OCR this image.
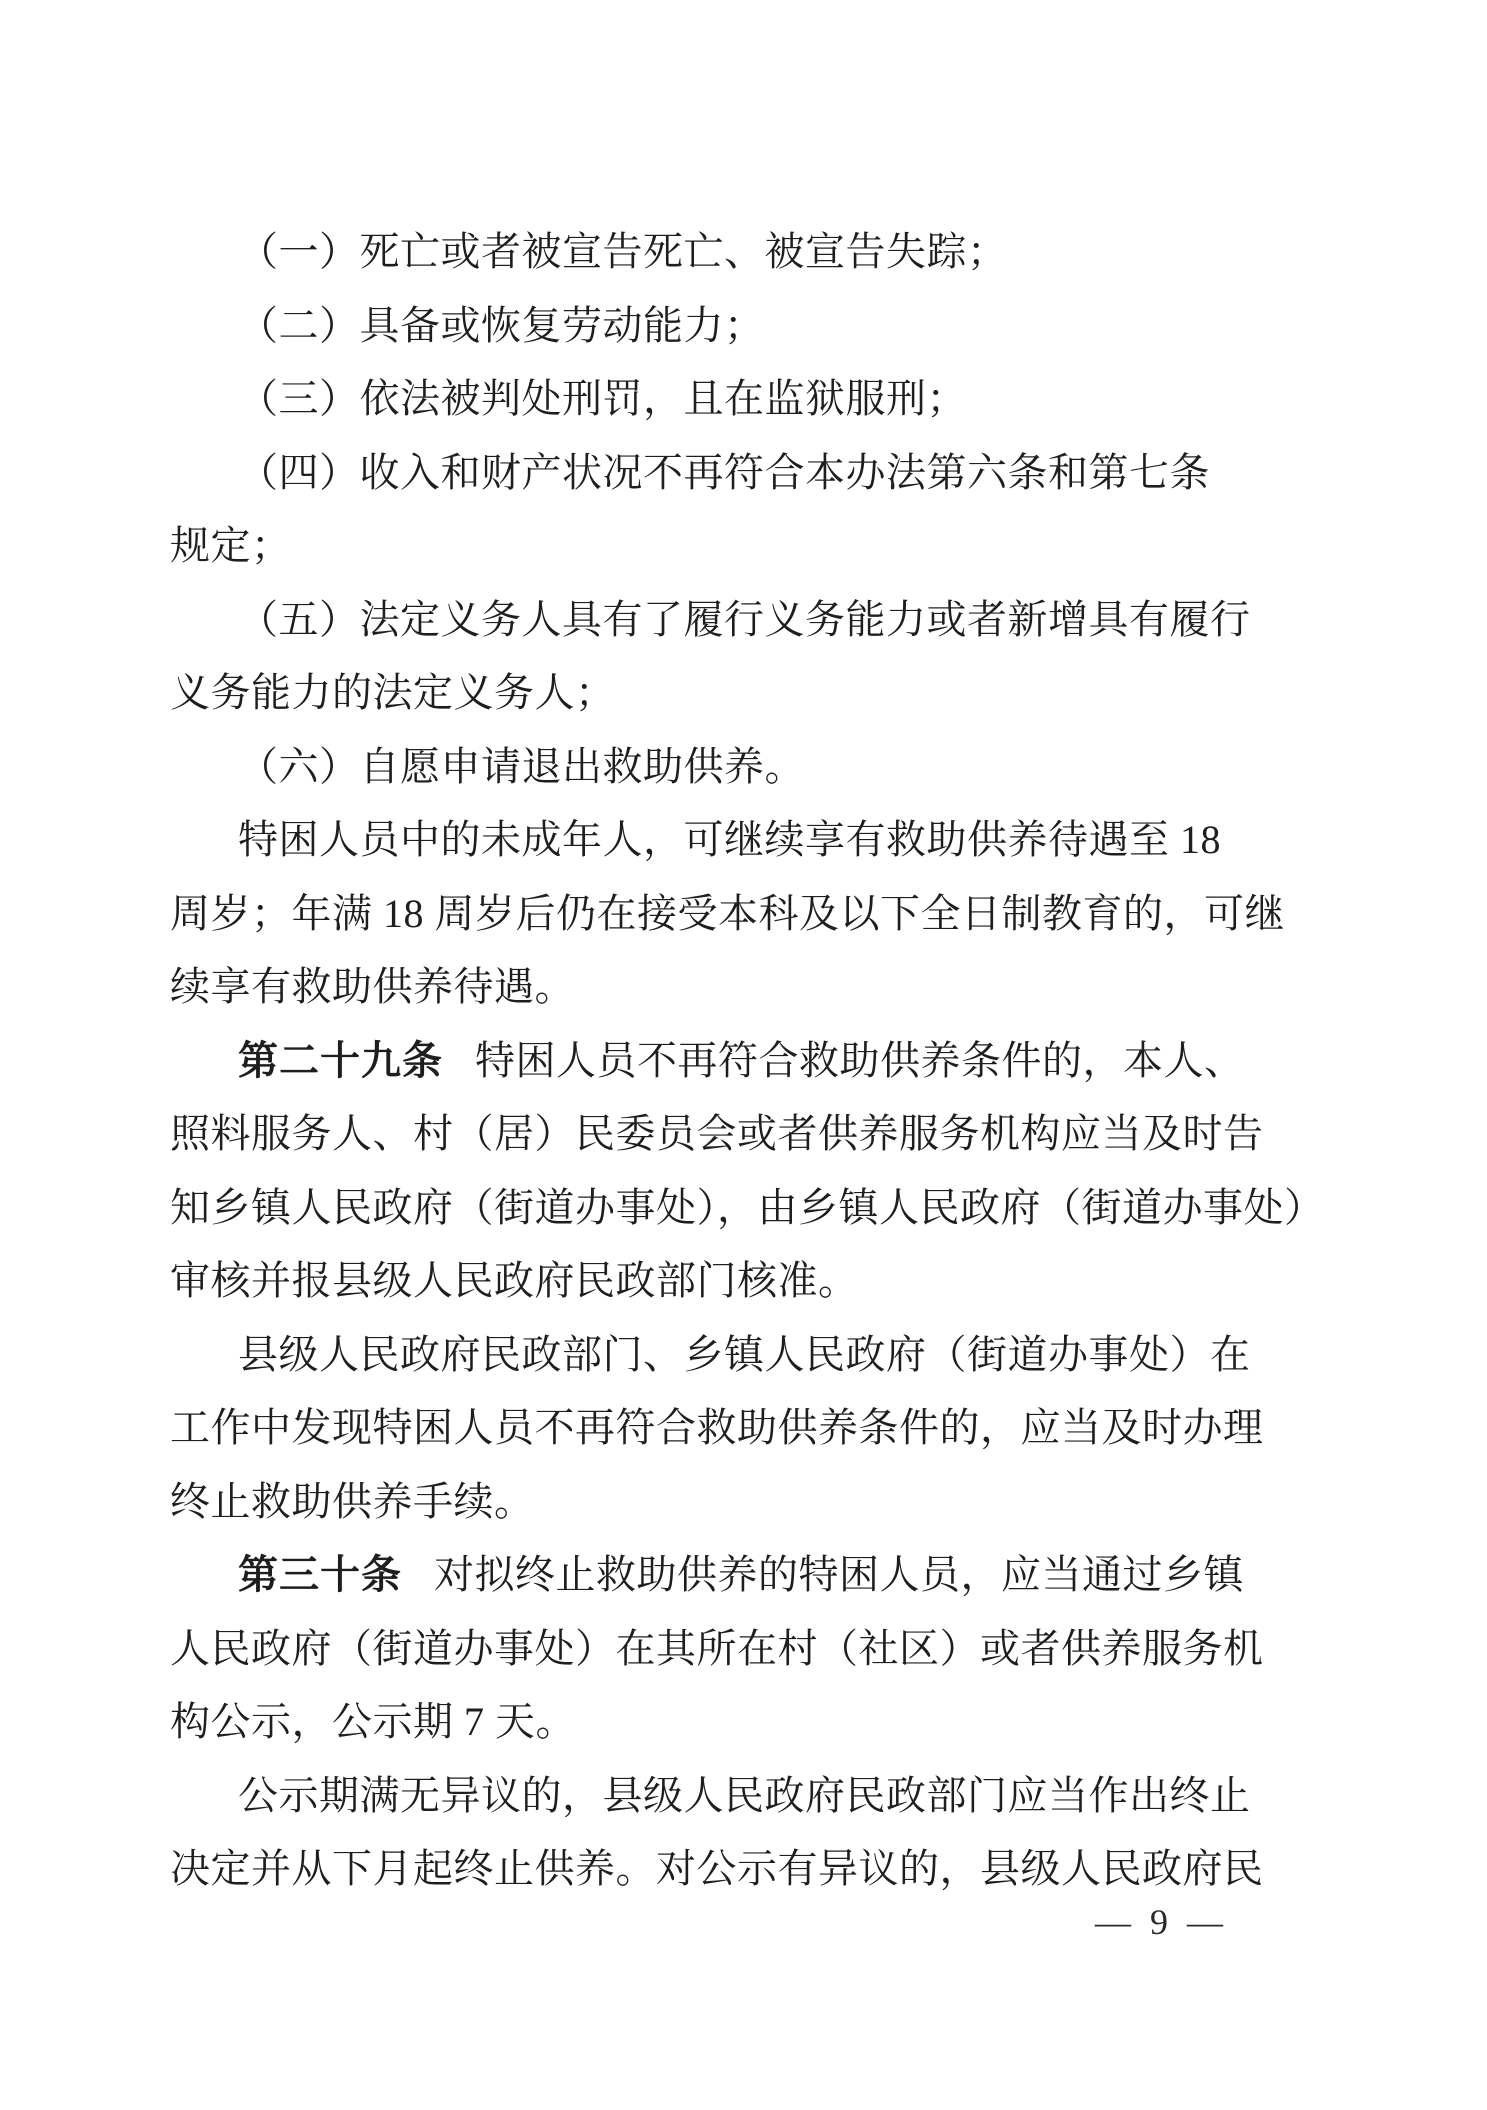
（一）死亡或者被宣告死亡、被宣告失踪；
（二）具备或恢复劳动能力；
（三）依法被判处刑罚，且在监狱服刑；
（四）收入和财产状况不再符合本办法第六条和第七条
规定；
（五）法定义务人具有了履行义务能力或者新增具有履行
义务能力的法定义务人；
（六）自愿申请退出救助供养。
特困人员中的未成年人，可继续享有救助供养待遇至 18
周岁；年满 18 周岁后仍在接受本科及以下全日制教育的，可继
续享有救助供养待遇。
第二十九条 特困人员不再符合救助供养条件的，本人、
照料服务人、村（居）民委员会或者供养服务机构应当及时告
知乡镇人民政府（街道办事处），由乡镇人民政府（街道办事处）
审核并报县级人民政府民政部门核准。
县级人民政府民政部门、乡镇人民政府（街道办事处）在
工作中发现特困人员不再符合救助供养条件的，应当及时办理
终止救助供养手续。
第三十条 对拟终止救助供养的特困人员，应当通过乡镇
人民政府（街道办事处）在其所在村（社区）或者供养服务机
构公示，公示期 7 天。
公示期满无异议的，县级人民政府民政部门应当作出终止
决定并从下月起终止供养。对公示有异议的，县级人民政府民
— 9 —
